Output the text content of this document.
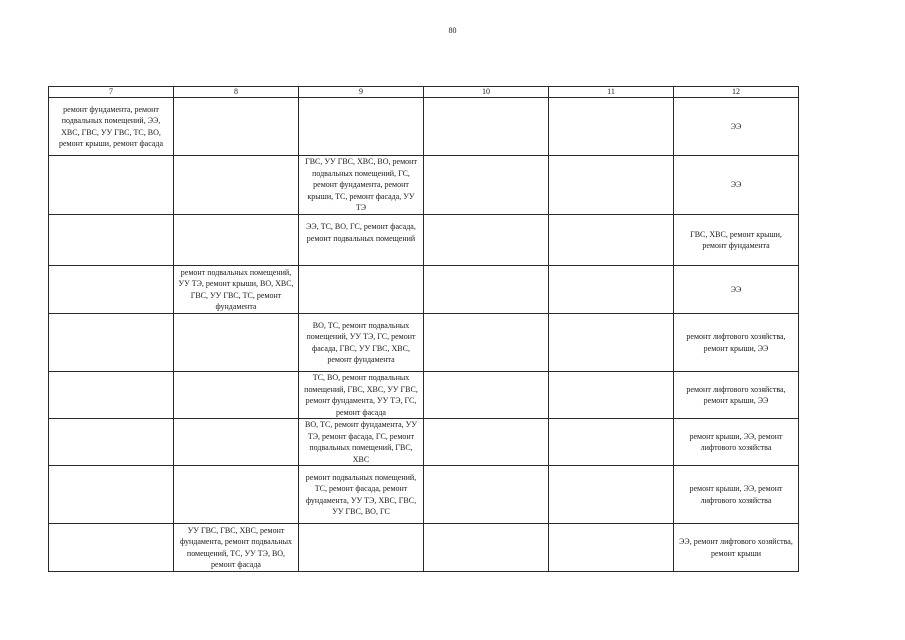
80
7	8	9	10	11	12
ремонт фундамента, ремонт подвальных помещений, ЭЭ, ХВС, ГВС, УУ ГВС, ТС, ВО, ремонт крыши, ремонт фасада					ЭЭ
		ГВС, УУ ГВС, ХВС, ВО, ремонт подвальных помещений, ГС, ремонт фундамента, ремонт крыши, ТС, ремонт фасада, УУ ТЭ			ЭЭ
		ЭЭ, ТС, ВО, ГС, ремонт фасада, ремонт подвальных помещений			ГВС, ХВС, ремонт крыши, ремонт фундамента
	ремонт подвальных помещений, УУ ТЭ, ремонт крыши, ВО, ХВС, ГВС, УУ ГВС, ТС, ремонт фундамента				ЭЭ
		ВО, ТС, ремонт подвальных помещений, УУ ТЭ, ГС, ремонт фасада, ГВС, УУ ГВС, ХВС, ремонт фундамента			ремонт лифтового хозяйства, ремонт крыши, ЭЭ
		ТС, ВО, ремонт подвальных помещений, ГВС, ХВС, УУ ГВС, ремонт фундамента, УУ ТЭ, ГС, ремонт фасада			ремонт лифтового хозяйства, ремонт крыши, ЭЭ
		ВО, ТС, ремонт фундамента, УУ ТЭ, ремонт фасада, ГС, ремонт подвальных помещений, ГВС, ХВС			ремонт крыши, ЭЭ, ремонт лифтового хозяйства
		ремонт подвальных помещений, ТС, ремонт фасада, ремонт фундамента, УУ ТЭ, ХВС, ГВС, УУ ГВС, ВО, ГС			ремонт крыши, ЭЭ, ремонт лифтового хозяйства
	УУ ГВС, ГВС, ХВС, ремонт фундамента, ремонт подвальных помещений, ТС, УУ ТЭ, ВО, ремонт фасада				ЭЭ, ремонт лифтового хозяйства, ремонт крыши
